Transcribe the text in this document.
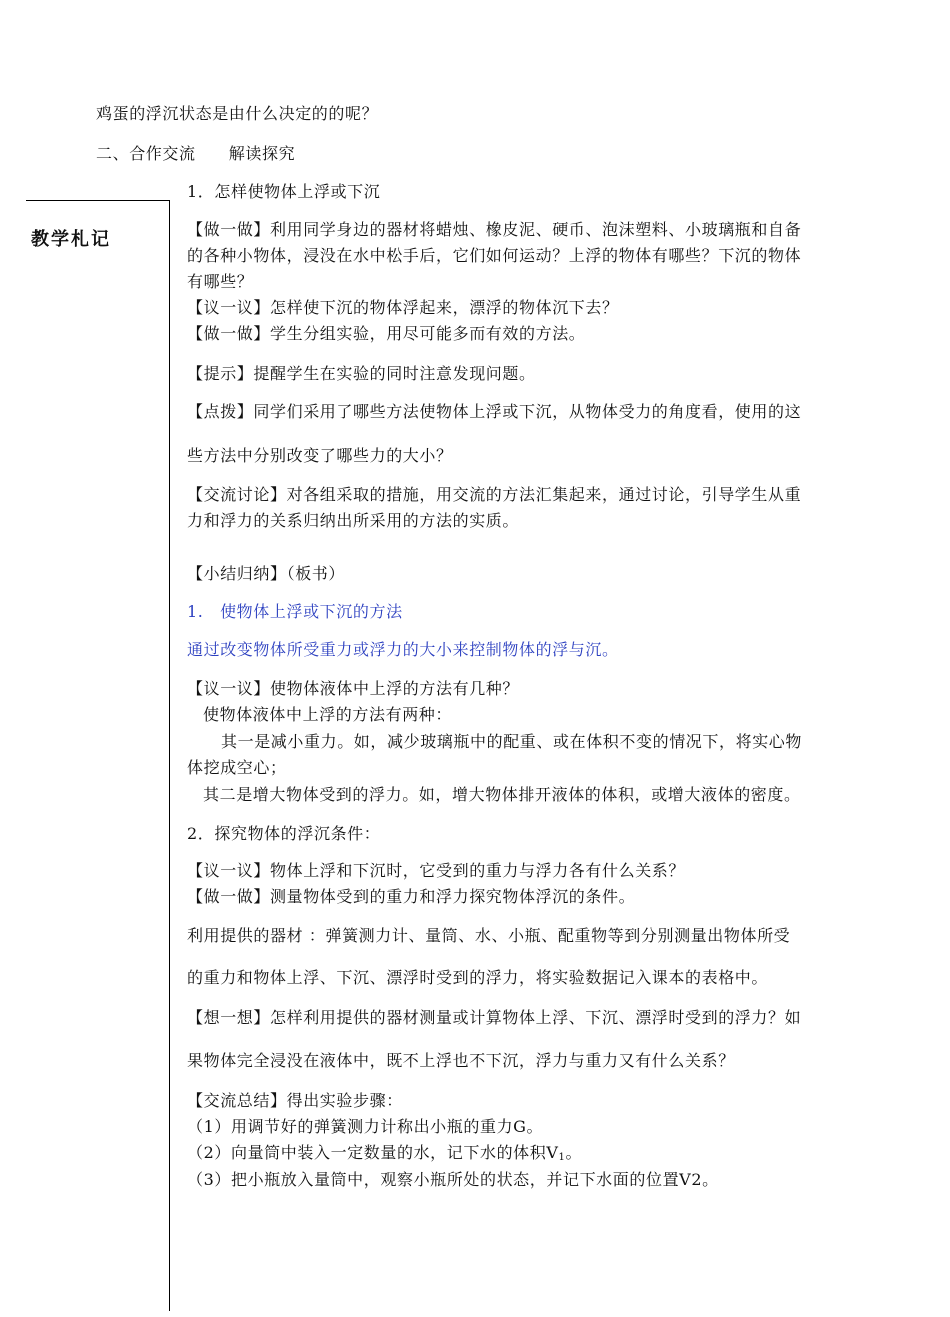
教学札记
鸡蛋的浮沉状态是由什么决定的的呢？
二、合作交流　　解读探究
1．怎样使物体上浮或下沉
【做一做】利用同学身边的器材将蜡烛、橡皮泥、硬币、泡沫塑料、小玻璃瓶和自备
的各种小物体，浸没在水中松手后，它们如何运动？上浮的物体有哪些？下沉的物体
有哪些？
【议一议】怎样使下沉的物体浮起来，漂浮的物体沉下去？
【做一做】学生分组实验，用尽可能多而有效的方法。
【提示】提醒学生在实验的同时注意发现问题。
【点拨】同学们采用了哪些方法使物体上浮或下沉，从物体受力的角度看，使用的这
些方法中分别改变了哪些力的大小？
【交流讨论】对各组采取的措施，用交流的方法汇集起来，通过讨论，引导学生从重
力和浮力的关系归纳出所采用的方法的实质。
【小结归纳】（板书）
1.　使物体上浮或下沉的方法
通过改变物体所受重力或浮力的大小来控制物体的浮与沉。
【议一议】使物体液体中上浮的方法有几种？
使物体液体中上浮的方法有两种：
其一是减小重力。如，减少玻璃瓶中的配重、或在体积不变的情况下，将实心物
体挖成空心；
其二是增大物体受到的浮力。如，增大物体排开液体的体积，或增大液体的密度。
2．探究物体的浮沉条件：
【议一议】物体上浮和下沉时，它受到的重力与浮力各有什么关系？
【做一做】测量物体受到的重力和浮力探究物体浮沉的条件。
利用提供的器材 ：弹簧测力计、量筒、水、小瓶、配重物等到分别测量出物体所受
的重力和物体上浮、下沉、漂浮时受到的浮力，将实验数据记入课本的表格中。
【想一想】怎样利用提供的器材测量或计算物体上浮、下沉、漂浮时受到的浮力？如
果物体完全浸没在液体中，既不上浮也不下沉，浮力与重力又有什么关系？
【交流总结】得出实验步骤：
（1）用调节好的弹簧测力计称出小瓶的重力G。
（2）向量筒中装入一定数量的水，记下水的体积$V_1$。
（3）把小瓶放入量筒中，观察小瓶所处的状态，并记下水面的位置V2。
